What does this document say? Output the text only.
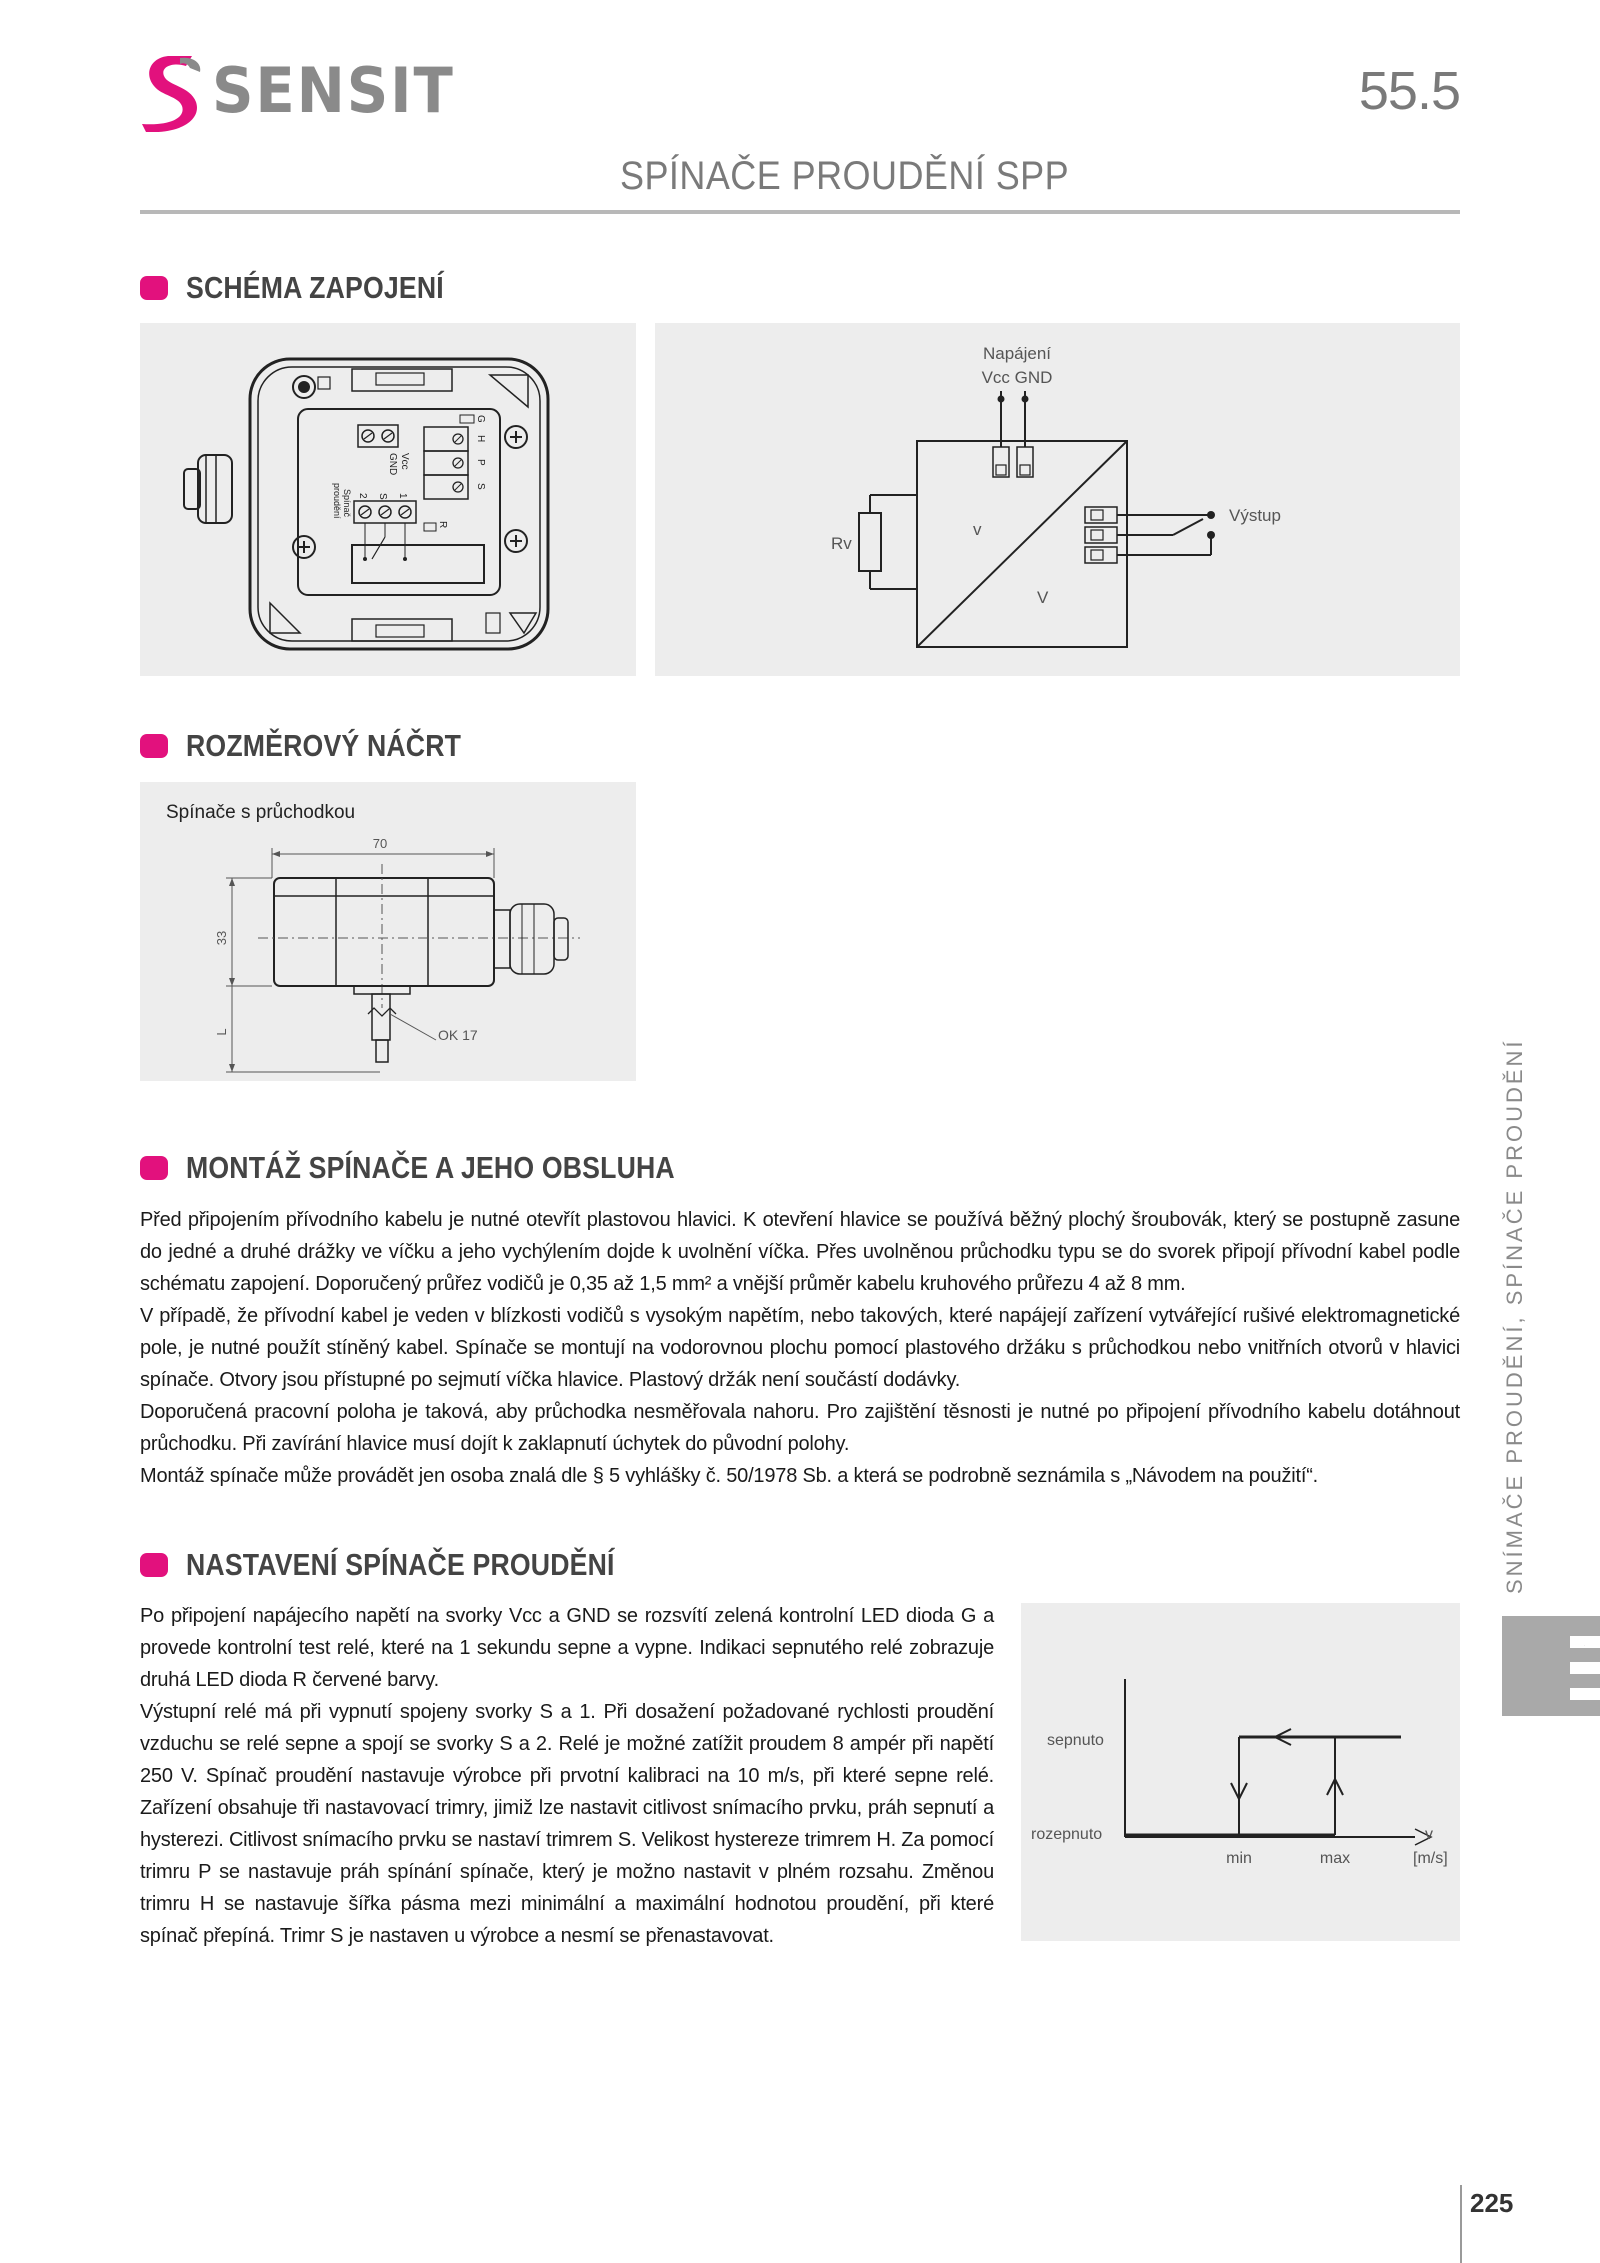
SENSIT	55.5
SPÍNAČE PROUDĚNÍ SPP
SCHÉMA ZAPOJENÍ
Vcc
GND
Spínač
proudění 2 S 1
G
H
P
S
R
Napájení
Vcc GND
Rv
v
V
Výstup
ROZMĚROVÝ NÁČRT
Spínače s průchodkou
70
33
L	OK 17
MONTÁŽ SPÍNAČE A JEHO OBSLUHA

Před připojením přívodního kabelu je nutné otevřít plastovou hlavici. K otevření hlavice se používá běžný plochý šroubovák, který se postupně zasune do jedné a druhé drážky ve víčku a jeho vychýlením dojde k uvolnění víčka. Přes uvolněnou průchodku typu se do svorek připojí přívodní kabel podle schématu zapojení. Doporučený průřez vodičů je 0,35 až 1,5 mm² a vnější průměr kabelu kruhového průřezu 4 až 8 mm.

V případě, že přívodní kabel je veden v blízkosti vodičů s vysokým napětím, nebo takových, které napájejí zařízení vytvářející rušivé elektromagnetické pole, je nutné použít stíněný kabel. Spínače se montují na vodorovnou plochu pomocí plastového držáku s průchodkou nebo vnitřních otvorů v hlavici spínače. Otvory jsou přístupné po sejmutí víčka hlavice. Plastový držák není součástí dodávky.

Doporučená pracovní poloha je taková, aby průchodka nesměřovala nahoru. Pro zajištění těsnosti je nutné po připojení přívodního kabelu dotáhnout průchodku. Při zavírání hlavice musí dojít k zaklapnutí úchytek do původní polohy.

Montáž spínače může provádět jen osoba znalá dle § 5 vyhlášky č. 50/1978 Sb. a která se podrobně seznámila s „Návodem na použití“.

NASTAVENÍ SPÍNAČE PROUDĚNÍ

Po připojení napájecího napětí na svorky Vcc a GND se rozsvítí zelená kontrolní LED dioda G a provede kontrolní test relé, které na 1 sekundu sepne a vypne. Indikaci sepnutého relé zobrazuje druhá LED dioda R červené barvy.

Výstupní relé má při vypnutí spojeny svorky S a 1. Při dosažení požadované rychlosti proudění vzduchu se relé sepne a spojí se svorky S a 2. Relé je možné zatížit proudem 8 ampér při napětí 250 V. Spínač proudění nastavuje výrobce při prvotní kalibraci na 10 m/s, při které sepne relé. Zařízení obsahuje tři nastavovací trimry, jimiž lze nastavit citlivost snímacího prvku, práh sepnutí a hysterezi. Citlivost snímacího prvku se nastaví trimrem S. Velikost hystereze trimrem H. Za pomocí trimru P se nastavuje práh spínání spínače, který je možno nastavit v plném rozsahu. Změnou trimru H se nastavuje šířka pásma mezi minimální a maximální hodnotou proudění, při které spínač přepíná. Trimr S je nastaven u výrobce a nesmí se přenastavovat.

sepnuto
rozepnuto
min	max
v
[m/s]
SNÍMAČE PROUDĚNÍ, SPÍNAČE PROUDĚNÍ
E
225
